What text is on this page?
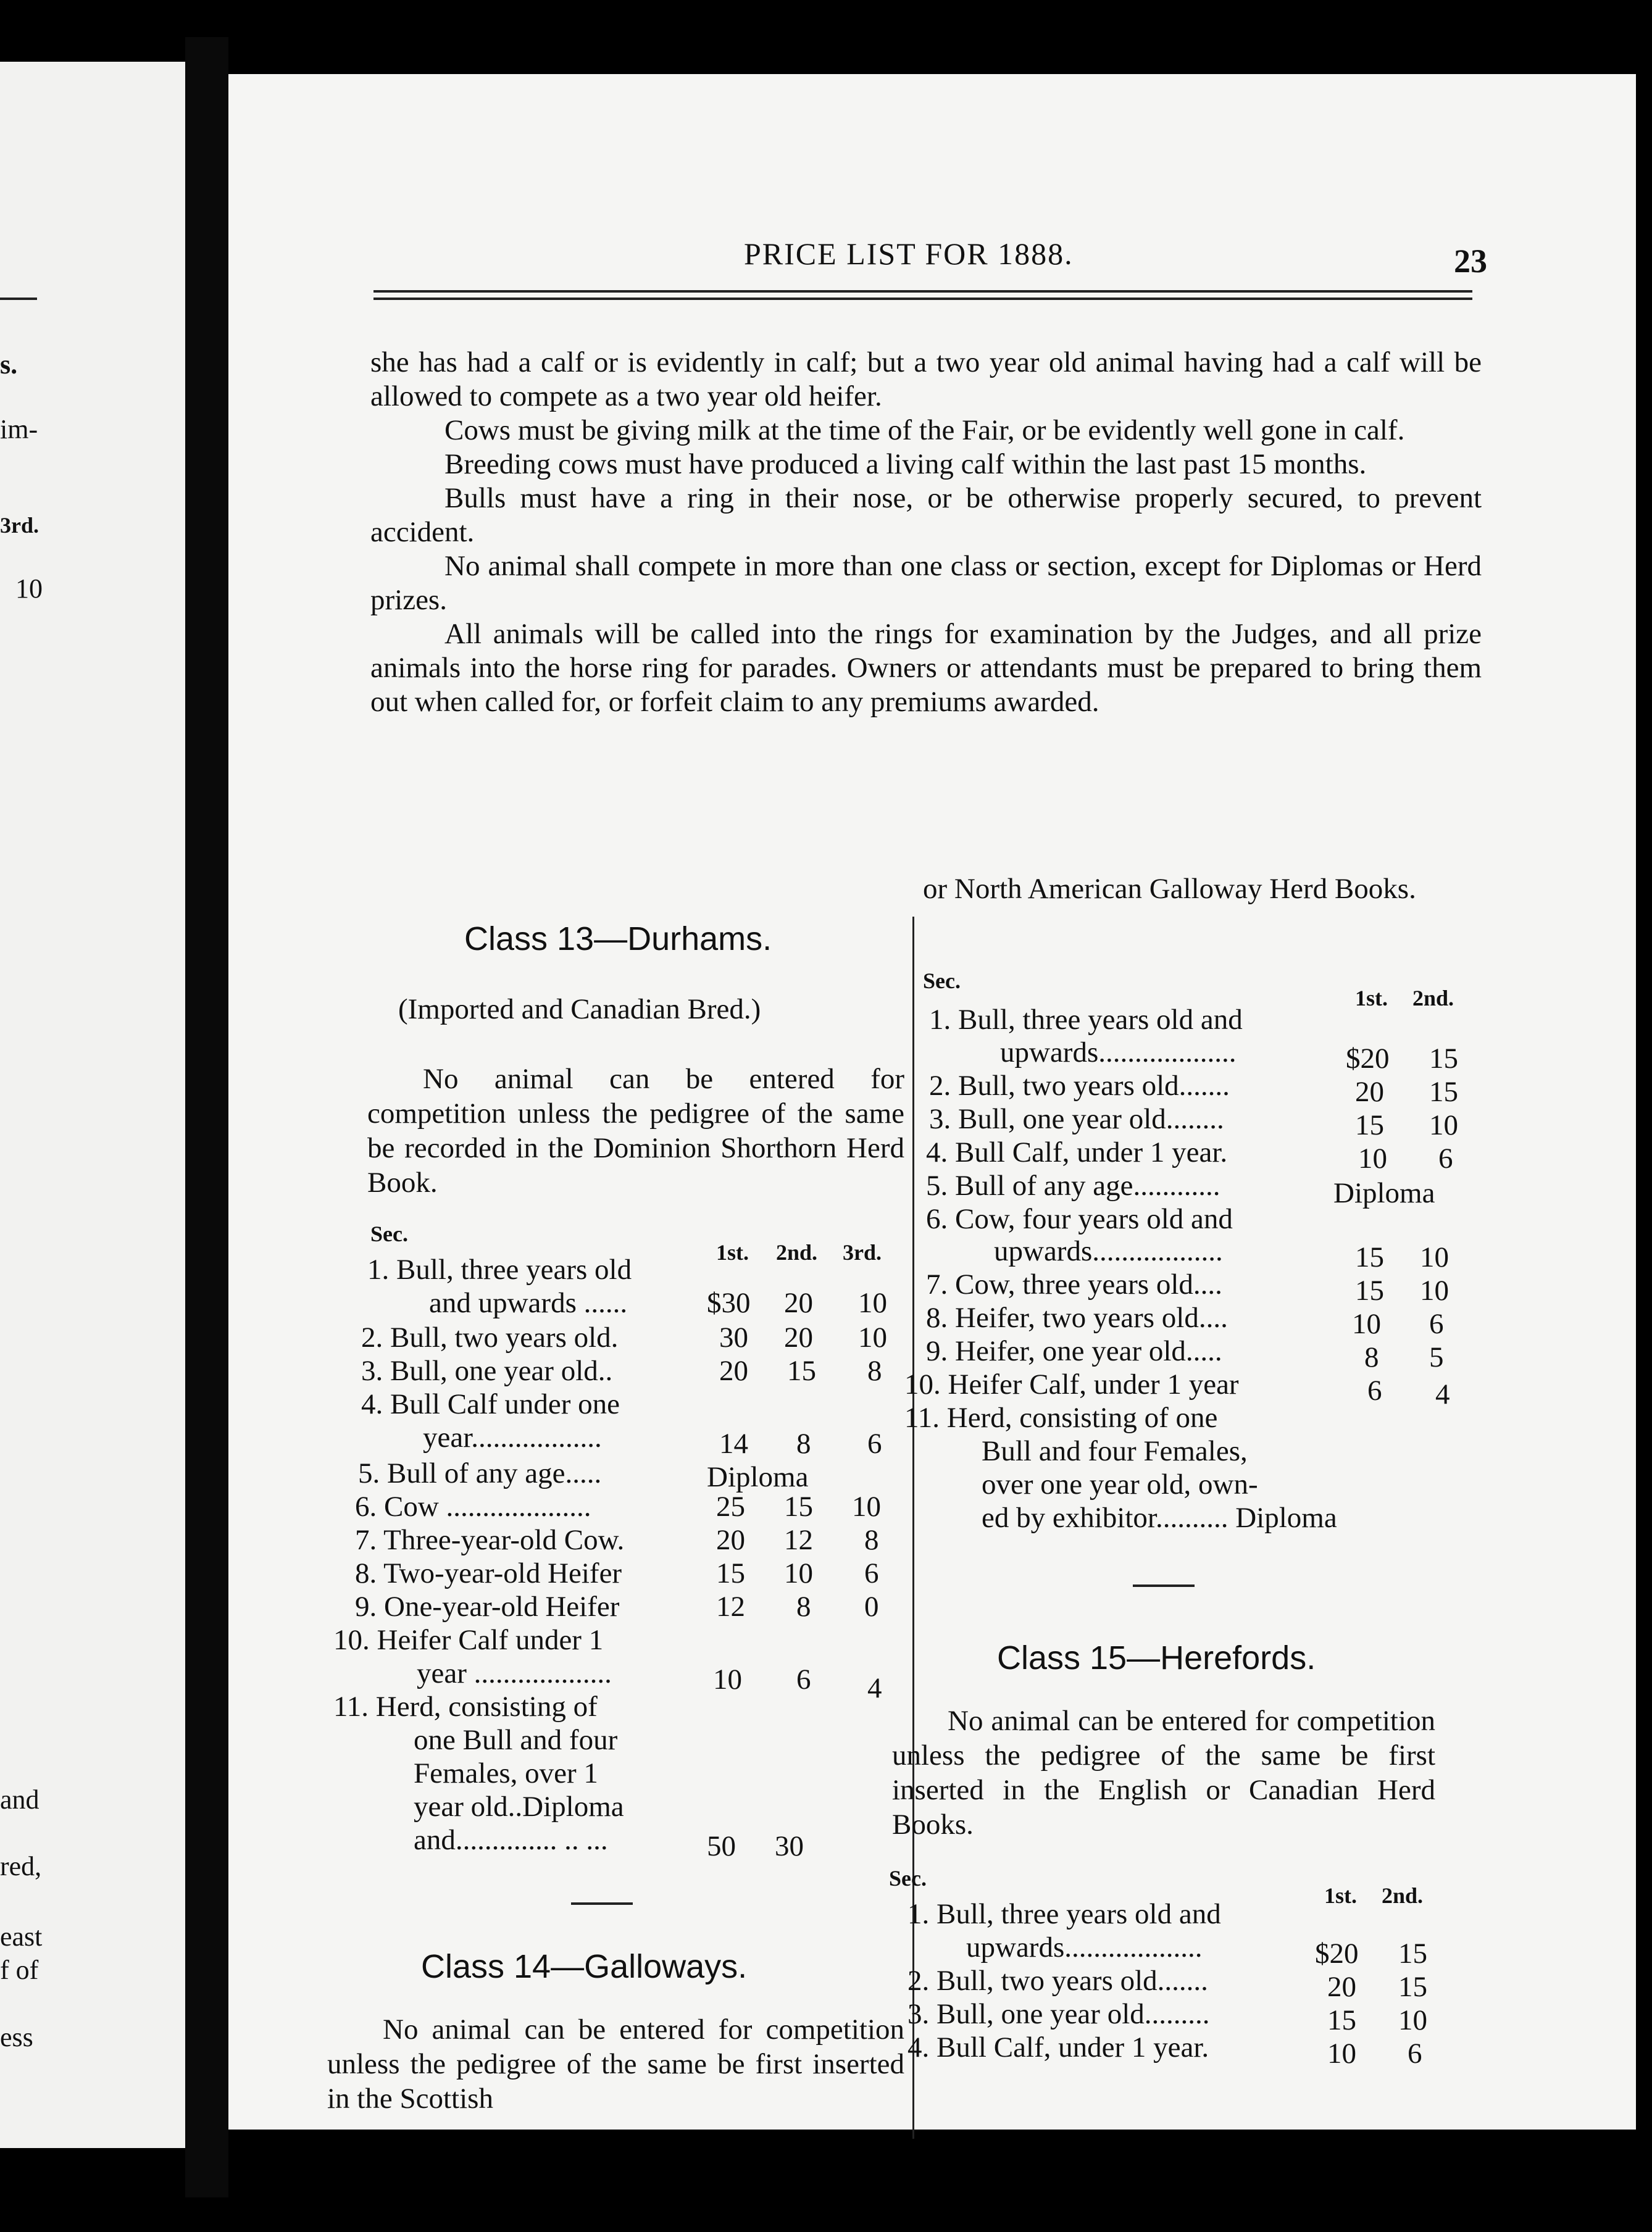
s.
im-
3rd.
10
and
red,
east
f of
ess
PRICE LIST FOR 1888.	23

she has had a calf or is evidently in calf; but a two year old animal having had a calf will be allowed to compete as a two year old heifer.

Cows must be giving milk at the time of the Fair, or be evidently well gone in calf.

Breeding cows must have produced a living calf within the last past 15 months.

Bulls must have a ring in their nose, or be otherwise properly secured, to prevent accident.

No animal shall compete in more than one class or section, except for Diplomas or Herd prizes.

All animals will be called into the rings for examination by the Judges, and all prize animals into the horse ring for parades. Owners or attendants must be prepared to bring them out when called for, or forfeit claim to any premiums awarded.

Class 13—Durhams.
(Imported and Canadian Bred.)
No animal can be entered for competition unless the pedigree of the same be recorded in the Dominion Shorthorn Herd Book.
Sec.
1st. 2nd. 3rd.
1. Bull, three years old
and upwards ......	$30 20 10
2. Bull, two years old.	30 20 10
3. Bull, one year old..	20 15 8
4. Bull Calf under one
year..................	14 8 6
5. Bull of any age.....	Diploma
6. Cow ....................	25 15 10
7. Three-year-old Cow.	20 12 8
8. Two-year-old Heifer	15 10 6
9. One-year-old Heifer	12 8 0
10. Heifer Calf under 1
year ...................	10 6 4
11. Herd, consisting of
one Bull and four
Females, over 1
year old..Diploma
and.............. .. ...	50 30
Class 14—Galloways.
No animal can be entered for competition unless the pedigree of the same be first inserted in the Scottish
or North American Galloway Herd Books.
Sec.
1st. 2nd.
1. Bull, three years old and
upwards...................	$20 15
2. Bull, two years old.......	20 15
3. Bull, one year old........	15 10
4. Bull Calf, under 1 year.	10 6
5. Bull of any age............	Diploma
6. Cow, four years old and
upwards..................	15 10
7. Cow, three years old....	15 10
8. Heifer, two years old....	10 6
9. Heifer, one year old.....	8 5
10. Heifer Calf, under 1 year	6 4
11. Herd, consisting of one
Bull and four Females,
over one year old, own-
ed by exhibitor.......... Diploma
Class 15—Herefords.
No animal can be entered for competition unless the pedigree of the same be first inserted in the English or Canadian Herd Books.
Sec.
1st. 2nd.
1. Bull, three years old and
upwards...................	$20 15
2. Bull, two years old.......	20 15
3. Bull, one year old.........	15 10
4. Bull Calf, under 1 year.	10 6
